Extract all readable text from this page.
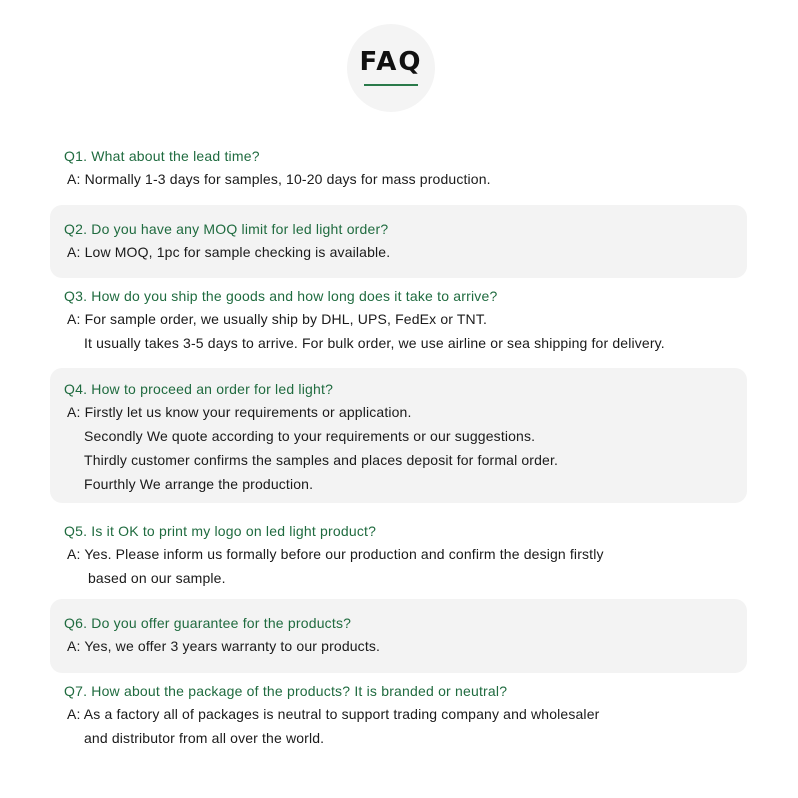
FAQ
Q1. What about the lead time?
A: Normally 1-3 days for samples, 10-20 days for mass production.
Q2. Do you have any MOQ limit for led light order?
A: Low MOQ, 1pc for sample checking is available.
Q3. How do you ship the goods and how long does it take to arrive?
A: For sample order, we usually ship by DHL, UPS, FedEx or TNT.
It usually takes 3-5 days to arrive. For bulk order, we use airline or sea shipping for delivery.
Q4. How to proceed an order for led light?
A: Firstly let us know your requirements or application.
Secondly We quote according to your requirements or our suggestions.
Thirdly customer confirms the samples and places deposit for formal order.
Fourthly We arrange the production.
Q5. Is it OK to print my logo on led light product?
A: Yes. Please inform us formally before our production and confirm the design firstly
based on our sample.
Q6. Do you offer guarantee for the products?
A: Yes, we offer 3 years warranty to our products.
Q7. How about the package of the products? It is branded or neutral?
A: As a factory all of packages is neutral to support trading company and wholesaler
and distributor from all over the world.
